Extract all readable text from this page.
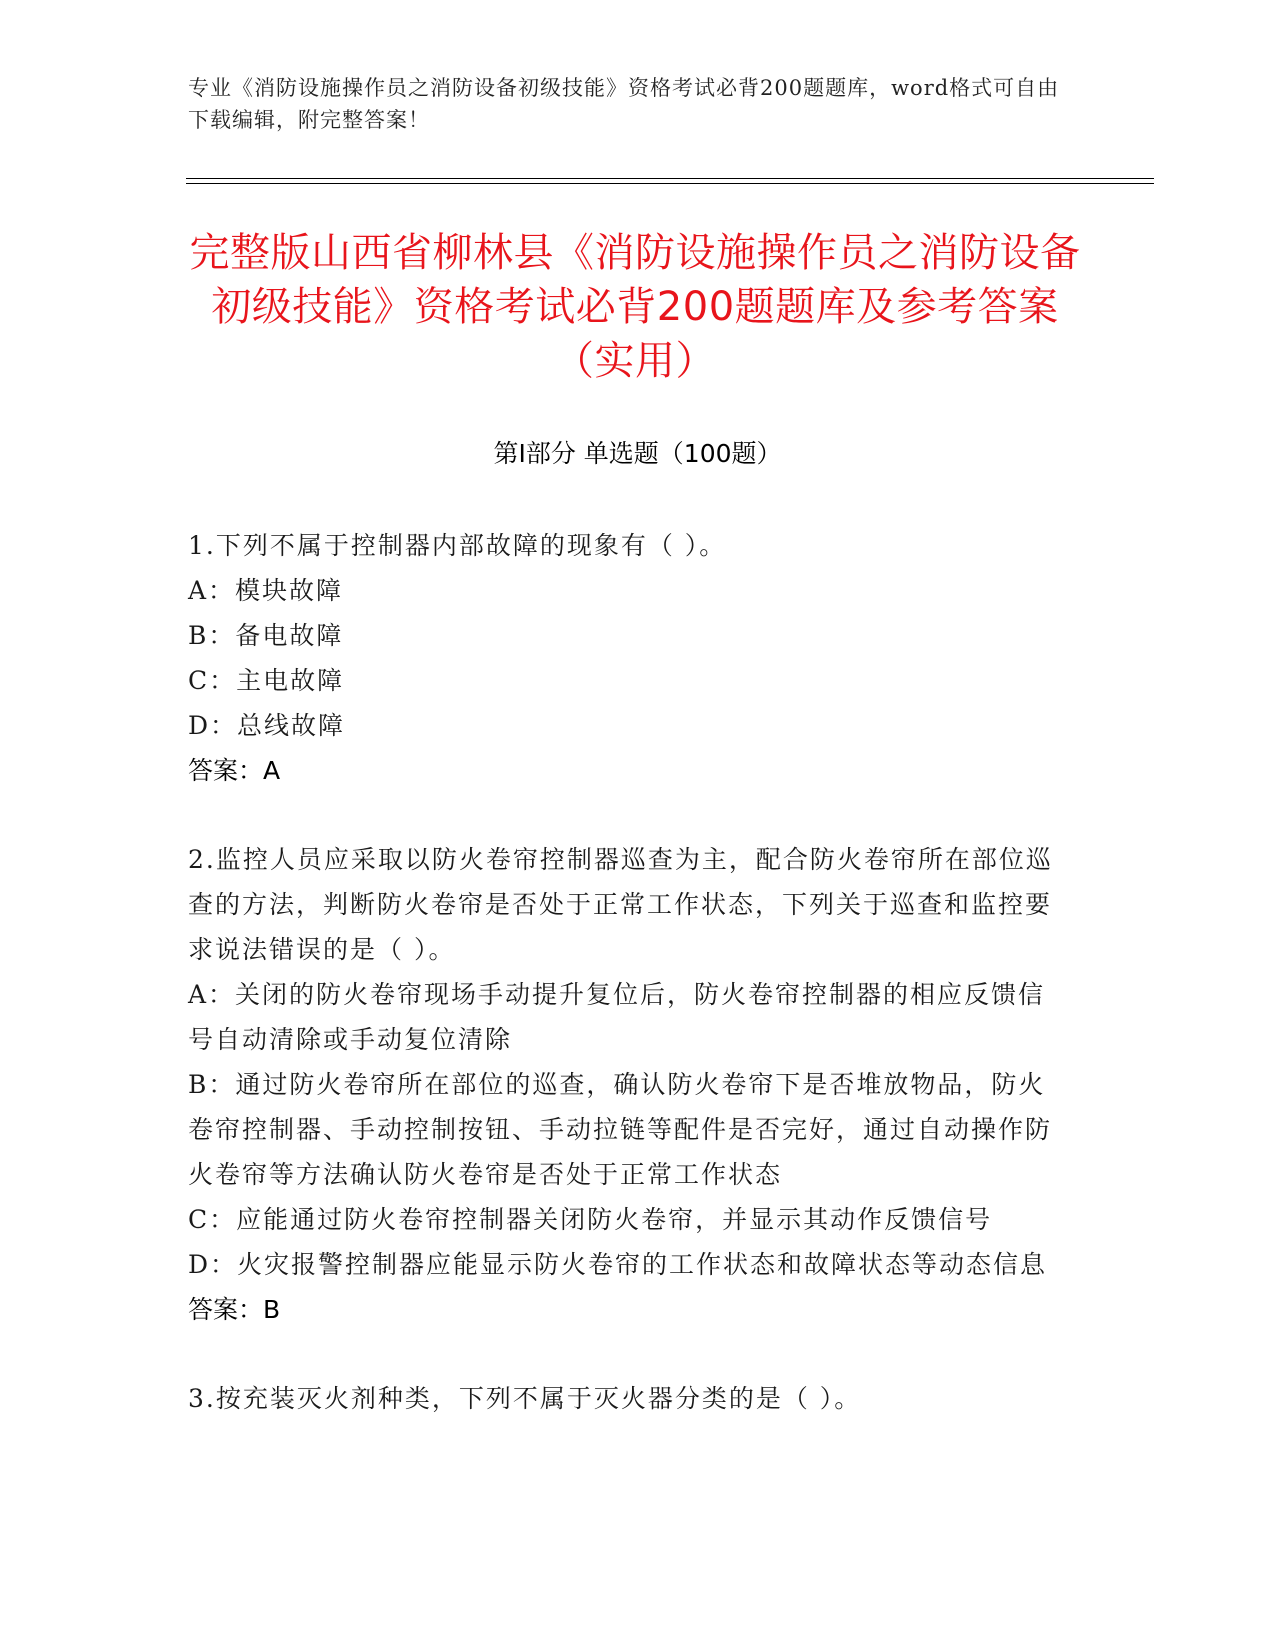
专业《消防设施操作员之消防设备初级技能》资格考试必背200题题库，word格式可自由下载编辑，附完整答案！
完整版山西省柳林县《消防设施操作员之消防设备初级技能》资格考试必背200题题库及参考答案（实用）
第I部分 单选题（100题）
1.下列不属于控制器内部故障的现象有（ ）。
A：模块故障
B：备电故障
C：主电故障
D：总线故障
答案：A
2.监控人员应采取以防火卷帘控制器巡查为主，配合防火卷帘所在部位巡查的方法，判断防火卷帘是否处于正常工作状态，下列关于巡查和监控要求说法错误的是（ ）。
A：关闭的防火卷帘现场手动提升复位后，防火卷帘控制器的相应反馈信号自动清除或手动复位清除
B：通过防火卷帘所在部位的巡查，确认防火卷帘下是否堆放物品，防火卷帘控制器、手动控制按钮、手动拉链等配件是否完好，通过自动操作防火卷帘等方法确认防火卷帘是否处于正常工作状态
C：应能通过防火卷帘控制器关闭防火卷帘，并显示其动作反馈信号
D：火灾报警控制器应能显示防火卷帘的工作状态和故障状态等动态信息
答案：B
3.按充装灭火剂种类，下列不属于灭火器分类的是（ ）。
